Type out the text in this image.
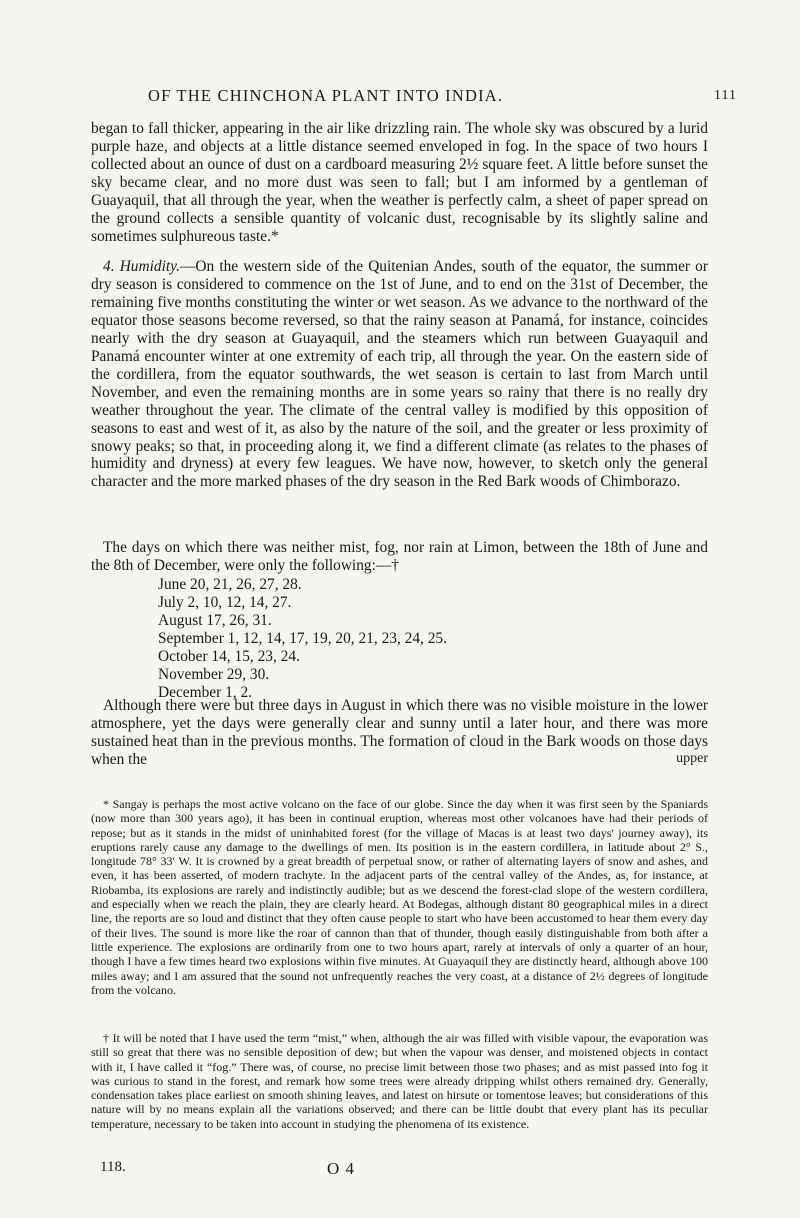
OF THE CHINCHONA PLANT INTO INDIA.	111

began to fall thicker, appearing in the air like drizzling rain. The whole sky was obscured by a lurid purple haze, and objects at a little distance seemed enveloped in fog. In the space of two hours I collected about an ounce of dust on a cardboard measuring 2½ square feet. A little before sunset the sky became clear, and no more dust was seen to fall; but I am informed by a gentleman of Guayaquil, that all through the year, when the weather is perfectly calm, a sheet of paper spread on the ground collects a sensible quantity of volcanic dust, recognisable by its slightly saline and sometimes sulphureous taste.*

4. Humidity.—On the western side of the Quitenian Andes, south of the equator, the summer or dry season is considered to commence on the 1st of June, and to end on the 31st of December, the remaining five months constituting the winter or wet season. As we advance to the northward of the equator those seasons become reversed, so that the rainy season at Panamá, for instance, coincides nearly with the dry season at Guayaquil, and the steamers which run between Guayaquil and Panamá encounter winter at one extremity of each trip, all through the year. On the eastern side of the cordillera, from the equator southwards, the wet season is certain to last from March until November, and even the remaining months are in some years so rainy that there is no really dry weather throughout the year. The climate of the central valley is modified by this opposition of seasons to east and west of it, as also by the nature of the soil, and the greater or less proximity of snowy peaks; so that, in proceeding along it, we find a different climate (as relates to the phases of humidity and dryness) at every few leagues. We have now, however, to sketch only the general character and the more marked phases of the dry season in the Red Bark woods of Chimborazo.

The days on which there was neither mist, fog, nor rain at Limon, between the 18th of June and the 8th of December, were only the following:—†

June 20, 21, 26, 27, 28.
July 2, 10, 12, 14, 27.
August 17, 26, 31.
September 1, 12, 14, 17, 19, 20, 21, 23, 24, 25.
October 14, 15, 23, 24.
November 29, 30.
December 1, 2.

Although there were but three days in August in which there was no visible moisture in the lower atmosphere, yet the days were generally clear and sunny until a later hour, and there was more sustained heat than in the previous months. The formation of cloud in the Bark woods on those days when the	upper

* Sangay is perhaps the most active volcano on the face of our globe. Since the day when it was first seen by the Spaniards (now more than 300 years ago), it has been in continual eruption, whereas most other volcanoes have had their periods of repose; but as it stands in the midst of uninhabited forest (for the village of Macas is at least two days' journey away), its eruptions rarely cause any damage to the dwellings of men. Its position is in the eastern cordillera, in latitude about 2° S., longitude 78° 33′ W. It is crowned by a great breadth of perpetual snow, or rather of alternating layers of snow and ashes, and even, it has been asserted, of modern trachyte. In the adjacent parts of the central valley of the Andes, as, for instance, at Riobamba, its explosions are rarely and indistinctly audible; but as we descend the forest-clad slope of the western cordillera, and especially when we reach the plain, they are clearly heard. At Bodegas, although distant 80 geographical miles in a direct line, the reports are so loud and distinct that they often cause people to start who have been accustomed to hear them every day of their lives. The sound is more like the roar of cannon than that of thunder, though easily distinguishable from both after a little experience. The explosions are ordinarily from one to two hours apart, rarely at intervals of only a quarter of an hour, though I have a few times heard two explosions within five minutes. At Guayaquil they are distinctly heard, although above 100 miles away; and I am assured that the sound not unfrequently reaches the very coast, at a distance of 2½ degrees of longitude from the volcano.

† It will be noted that I have used the term “mist,” when, although the air was filled with visible vapour, the evaporation was still so great that there was no sensible deposition of dew; but when the vapour was denser, and moistened objects in contact with it, I have called it “fog.” There was, of course, no precise limit between those two phases; and as mist passed into fog it was curious to stand in the forest, and remark how some trees were already dripping whilst others remained dry. Generally, condensation takes place earliest on smooth shining leaves, and latest on hirsute or tomentose leaves; but considerations of this nature will by no means explain all the variations observed; and there can be little doubt that every plant has its peculiar temperature, necessary to be taken into account in studying the phenomena of its existence.

118.	O 4
